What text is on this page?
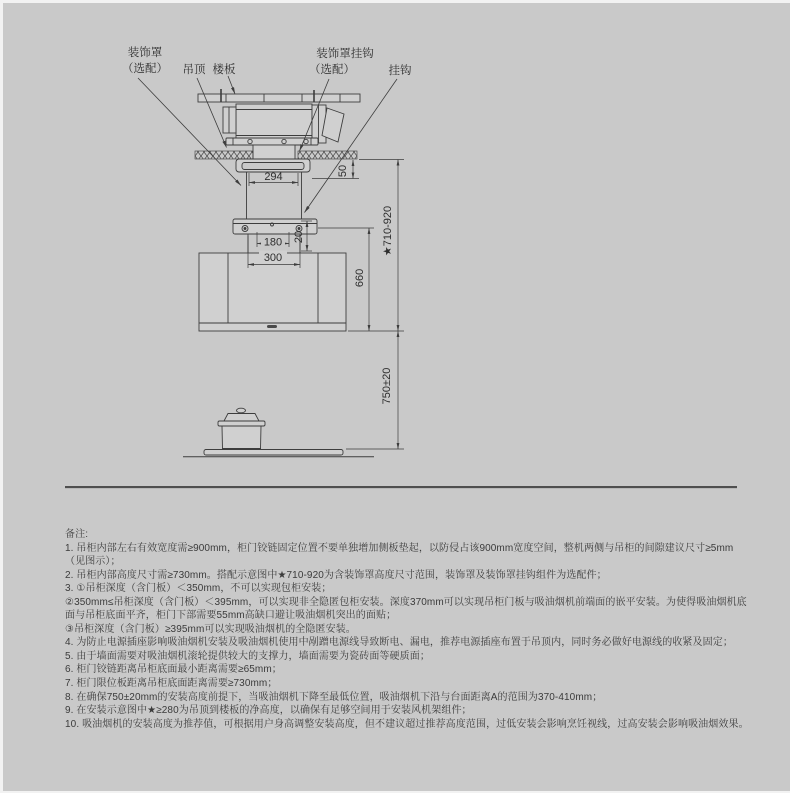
装饰罩
（选配） 吊顶 楼板
装饰罩挂钩
（选配）	挂钩
294	50
180 20
300
660
★710-920
750±20
备注:
1. 吊柜内部左右有效宽度需≥900mm，柜门铰链固定位置不要单独增加侧板垫起，以防侵占该900mm宽度空间，整机两侧与吊柜的间隙建议尺寸≥5mm
（见图示）；
2. 吊柜内部高度尺寸需≥730mm。搭配示意图中★710-920为含装饰罩高度尺寸范围，装饰罩及装饰罩挂钩组件为选配件；
3. ①吊柜深度（含门板）＜350mm，不可以实现包柜安装；
②350mm≤吊柜深度（含门板）＜395mm，可以实现非全隐匿包柜安装。深度370mm可以实现吊柜门板与吸油烟机前端面的嵌平安装。为使得吸油烟机底
面与吊柜底面平齐，柜门下部需要55mm高缺口避让吸油烟机突出的面贴；
③吊柜深度（含门板）≥395mm可以实现吸油烟机的全隐匿安装。
4. 为防止电源插座影响吸油烟机安装及吸油烟机使用中剐蹭电源线导致断电、漏电，推荐电源插座布置于吊顶内，同时务必做好电源线的收紧及固定；
5. 由于墙面需要对吸油烟机滚轮提供较大的支撑力，墙面需要为瓷砖面等硬质面；
6. 柜门铰链距离吊柜底面最小距离需要≥65mm；
7. 柜门限位板距离吊柜底面距离需要≥730mm；
8. 在确保750±20mm的安装高度前提下，当吸油烟机下降至最低位置，吸油烟机下沿与台面距离A的范围为370-410mm；
9. 在安装示意图中★≥280为吊顶到楼板的净高度，以确保有足够空间用于安装风机架组件；
10. 吸油烟机的安装高度为推荐值，可根据用户身高调整安装高度，但不建议超过推荐高度范围，过低安装会影响烹饪视线，过高安装会影响吸油烟效果。
